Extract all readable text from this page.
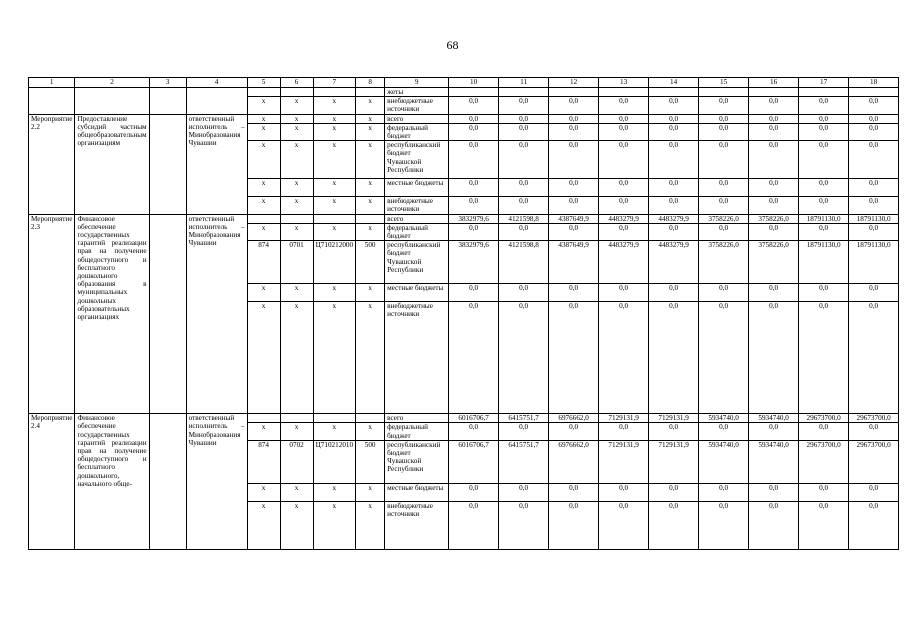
68
1	2	3	4	5	6	7	8	9	10	11	12	13	14	15	16	17	18
								жеты									
				x	x	x	x	внебюджетные источники	0,0	0,0	0,0	0,0	0,0	0,0	0,0	0,0	0,0
Мероприятие 2.2	Предоставление субсидий частным общеобразовательным организациям		ответственный исполнитель – Минобразования Чувашии	x	x	x	x	всего	0,0	0,0	0,0	0,0	0,0	0,0	0,0	0,0	0,0
				x	x	x	x	федеральный бюджет	0,0	0,0	0,0	0,0	0,0	0,0	0,0	0,0	0,0
				x	x	x	x	республиканский бюджет Чувашской Республики	0,0	0,0	0,0	0,0	0,0	0,0	0,0	0,0	0,0
				x	x	x	x	местные бюджеты	0,0	0,0	0,0	0,0	0,0	0,0	0,0	0,0	0,0
				x	x	x	x	внебюджетные источники	0,0	0,0	0,0	0,0	0,0	0,0	0,0	0,0	0,0
Мероприятие 2.3	Финансовое обеспечение государственных гарантий реализации прав на получение общедоступного и бесплатного дошкольного образования в муниципальных дошкольных образовательных организациях		ответственный исполнитель – Минобразования Чувашии					всего	3832979,6	4121598,8	4387649,9	4483279,9	4483279,9	3758226,0	3758226,0	18791130,0	18791130,0
				x	x	x	x	федеральный бюджет	0,0	0,0	0,0	0,0	0,0	0,0	0,0	0,0	0,0
				874	0701	Ц710212000	500	республиканский бюджет Чувашской Республики	3832979,6	4121598,8	4387649,9	4483279,9	4483279,9	3758226,0	3758226,0	18791130,0	18791130,0
				x	x	x	x	местные бюджеты	0,0	0,0	0,0	0,0	0,0	0,0	0,0	0,0	0,0
				x	x	x	x	внебюджетные источники	0,0	0,0	0,0	0,0	0,0	0,0	0,0	0,0	0,0
Мероприятие 2.4	Финансовое обеспечение государственных гарантий реализации прав на получение общедоступного и бесплатного дошкольного, начального обще-		ответственный исполнитель – Минобразования Чувашии					всего	6016706,7	6415751,7	6976662,0	7129131,9	7129131,9	5934740,0	5934740,0	29673700,0	29673700,0
				x	x	x	x	федеральный бюджет	0,0	0,0	0,0	0,0	0,0	0,0	0,0	0,0	0,0
				874	0702	Ц710212010	500	республиканский бюджет Чувашской Республики	6016706,7	6415751,7	6976662,0	7129131,9	7129131,9	5934740,0	5934740,0	29673700,0	29673700,0
				x	x	x	x	местные бюджеты	0,0	0,0	0,0	0,0	0,0	0,0	0,0	0,0	0,0
				x	x	x	x	внебюджетные источники	0,0	0,0	0,0	0,0	0,0	0,0	0,0	0,0	0,0
